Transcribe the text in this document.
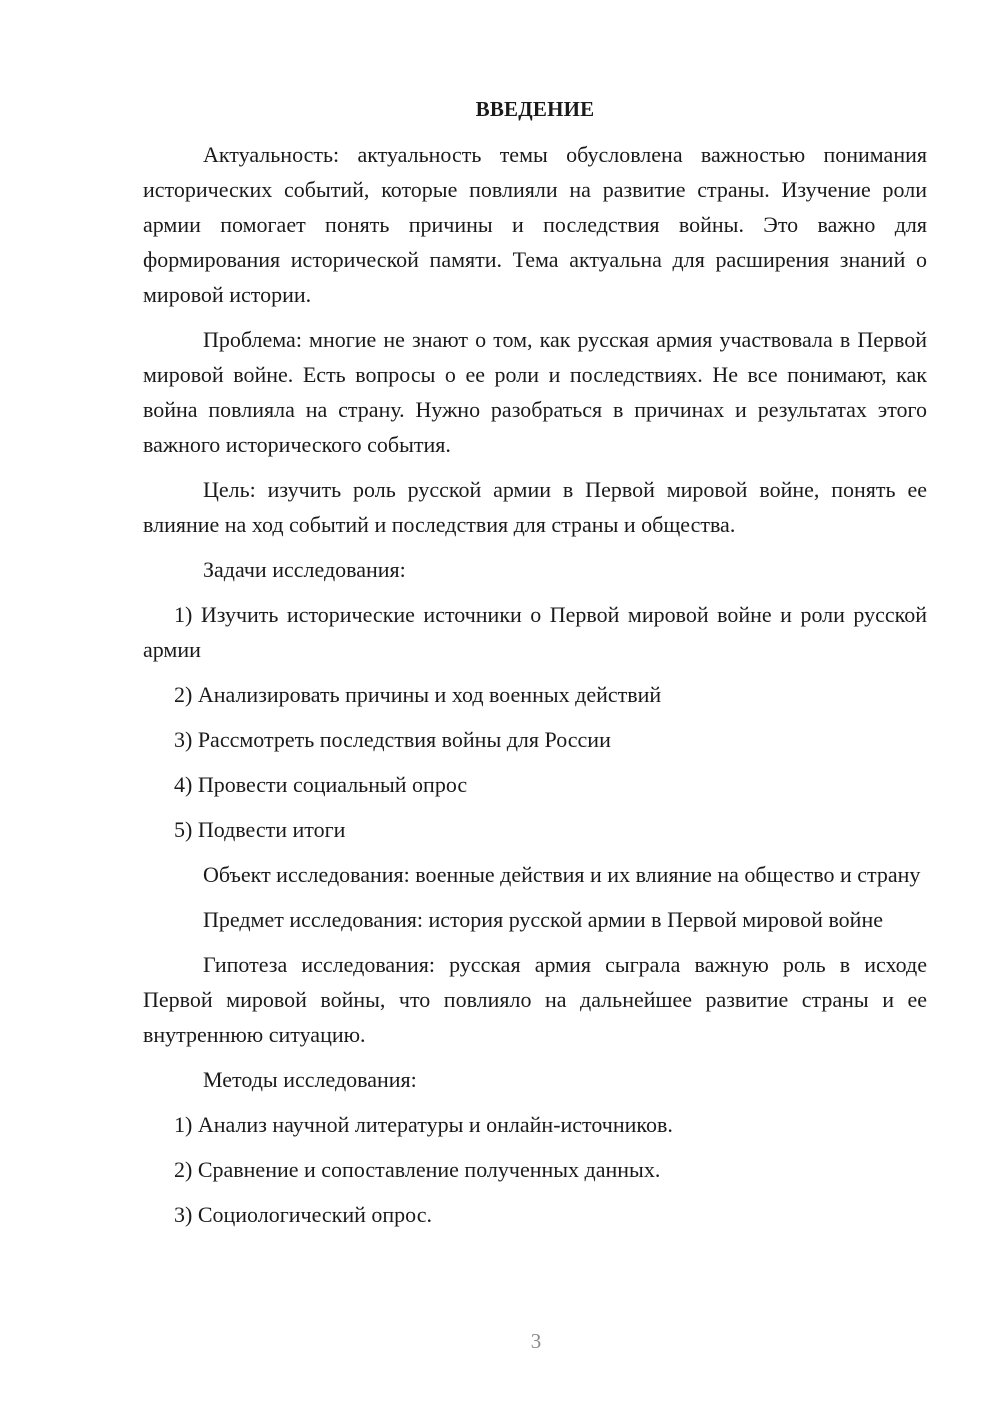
ВВЕДЕНИЕ

Актуальность: актуальность темы обусловлена важностью понимания исторических событий, которые повлияли на развитие страны. Изучение роли армии помогает понять причины и последствия войны. Это важно для формирования исторической памяти. Тема актуальна для расширения знаний о мировой истории.

Проблема: многие не знают о том, как русская армия участвовала в Первой мировой войне. Есть вопросы о ее роли и последствиях. Не все понимают, как война повлияла на страну. Нужно разобраться в причинах и результатах этого важного исторического события.

Цель: изучить роль русской армии в Первой мировой войне, понять ее влияние на ход событий и последствия для страны и общества.

Задачи исследования:

1) Изучить исторические источники о Первой мировой войне и роли русской армии

2) Анализировать причины и ход военных действий

3) Рассмотреть последствия войны для России

4) Провести социальный опрос

5) Подвести итоги

Объект исследования: военные действия и их влияние на общество и страну

Предмет исследования: история русской армии в Первой мировой войне

Гипотеза исследования: русская армия сыграла важную роль в исходе Первой мировой войны, что повлияло на дальнейшее развитие страны и ее внутреннюю ситуацию.

Методы исследования:

1) Анализ научной литературы и онлайн-источников.

2) Сравнение и сопоставление полученных данных.

3) Социологический опрос.

3
